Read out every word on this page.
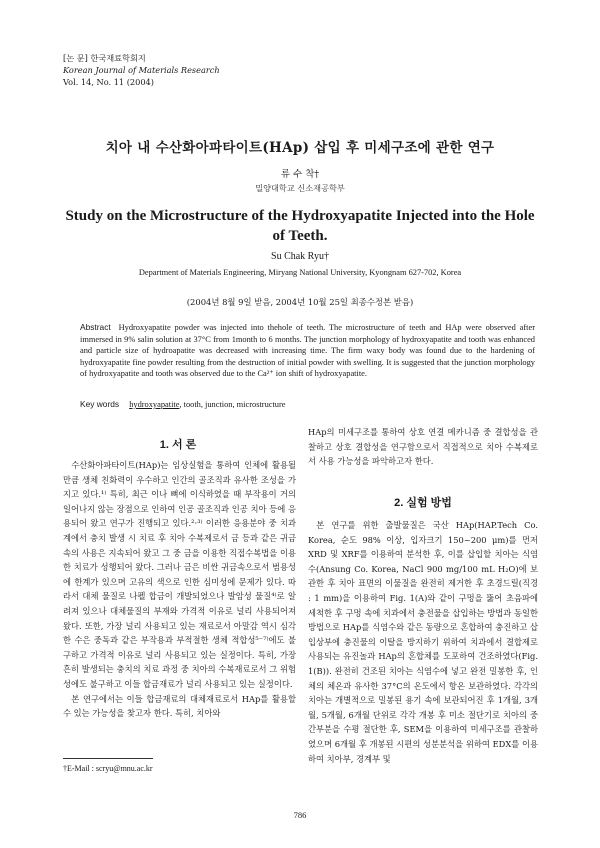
[논 문] 한국재료학회지
Korean Journal of Materials Research
Vol. 14, No. 11 (2004)
치아 내 수산화아파타이트(HAp) 삽입 후 미세구조에 관한 연구
류 수 착†
밀양대학교 신소재공학부
Study on the Microstructure of the Hydroxyapatite Injected into the Hole of Teeth.
Su Chak Ryu†
Department of Materials Engineering, Miryang National University, Kyongnam 627-702, Korea
(2004년 8월 9일 받음, 2004년 10월 25일 최종수정본 받음)
Abstract Hydroxyapatite powder was injected into thehole of teeth. The microstructure of teeth and HAp were observed after immersed in 9% salin solution at 37°C from 1month to 6 months. The junction morphology of hydroxyapatite and tooth was enhanced and particle size of hydroapatite was decreased with increasing time. The firm waxy body was found due to the hardening of hydroxyapatite fine powder resulting from the destruction of initial powder with swelling. It is suggested that the junction morphology of hydroxyapatite and tooth was observed due to the Ca²⁺ ion shift of hydroxyapatite.
Key words hydroxyapatite, tooth, junction, microstructure
1. 서 론

수산화아파타이트(HAp)는 임상실험을 통하여 인체에 활용될 만큼 생체 친화력이 우수하고 인간의 골조직과 유사한 조성을 가지고 있다.¹⁾ 특히, 최근 이나 뼈에 이식하였을 때 부작용이 거의 일어나지 않는 장점으로 인하여 인공 골조직과 인공 치아 등에 응용되어 왔고 연구가 진행되고 있다.²·³⁾ 이러한 응용분야 중 치과계에서 충치 발생 시 치료 후 치아 수복제로서 금 등과 같은 귀금속의 사용은 지속되어 왔고 그 중 금을 이용한 직접수복법을 이용한 치료가 성행되어 왔다. 그러나 금은 비싼 귀금속으로서 범용성에 한계가 있으며 고유의 색으로 인한 심미성에 문제가 있다. 따라서 대체 물질로 나펠 합금이 개발되었으나 발암성 물질⁴⁾로 알려져 있으나 대체물질의 부재와 가격적 이유로 널리 사용되어져 왔다. 또한, 가장 널리 사용되고 있는 재료로서 아말감 역시 심각한 수은 중독과 같은 부작용과 부적절한 생체 적합성⁵⁻⁷⁾에도 불구하고 가격적 이유로 널리 사용되고 있는 실정이다. 특히, 가장 흔히 발생되는 충치의 치료 과정 중 치아의 수복재료로서 그 위험성에도 불구하고 이들 합금재료가 널리 사용되고 있는 실정이다.

본 연구에서는 이들 합금재료의 대체재료로서 HAp를 활용할 수 있는 가능성을 찾고자 한다. 특히, 치아와

HAp의 미세구조를 통하여 상호 연결 메카니즘 중 결합성을 관찰하고 상호 결합성을 연구함으로서 직접적으로 치아 수복제로서 사용 가능성을 파악하고자 한다.

2. 실험 방법

본 연구를 위한 출발물질은 국산 HAp(HAP.Tech Co. Korea, 순도 98% 이상, 입자크기 150~200 μm)를 먼저 XRD 및 XRF를 이용하여 분석한 후, 이를 삽입할 치아는 식염수(Ansung Co. Korea, NaCl 900 mg/100 mL H₂O)에 보관한 후 치아 표면의 이물질을 완전히 제거한 후 초경드릴(직경 : 1 mm)을 이용하여 Fig. 1(A)와 같이 구멍을 뚫어 초음파에 세척한 후 구멍 속에 치과에서 충전물을 삽입하는 방법과 동일한 방법으로 HAp를 식염수와 같은 동량으로 혼합하여 충진하고 삽입상부에 충진물의 이탈을 방지하기 위하여 치과에서 결합제로 사용되는 유진놀과 HAp의 혼합체를 도포하여 건조하였다(Fig. 1(B)). 완전히 건조된 치아는 식염수에 넣고 완전 밀봉한 후, 인체의 체온과 유사한 37°C의 온도에서 항온 보관하였다. 각각의 치아는 개별적으로 밀봉된 용기 속에 보관되어진 후 1개월, 3개월, 5개월, 6개월 단위로 각각 개봉 후 미소 절단기로 치아의 중간부분을 수평 절단한 후, SEM을 이용하여 미세구조를 관찰하였으며 6개월 후 개봉된 시편의 성분분석을 위하여 EDX를 이용하여 치아부, 경계부 및

†E-Mail : scryu@mnu.ac.kr
786
